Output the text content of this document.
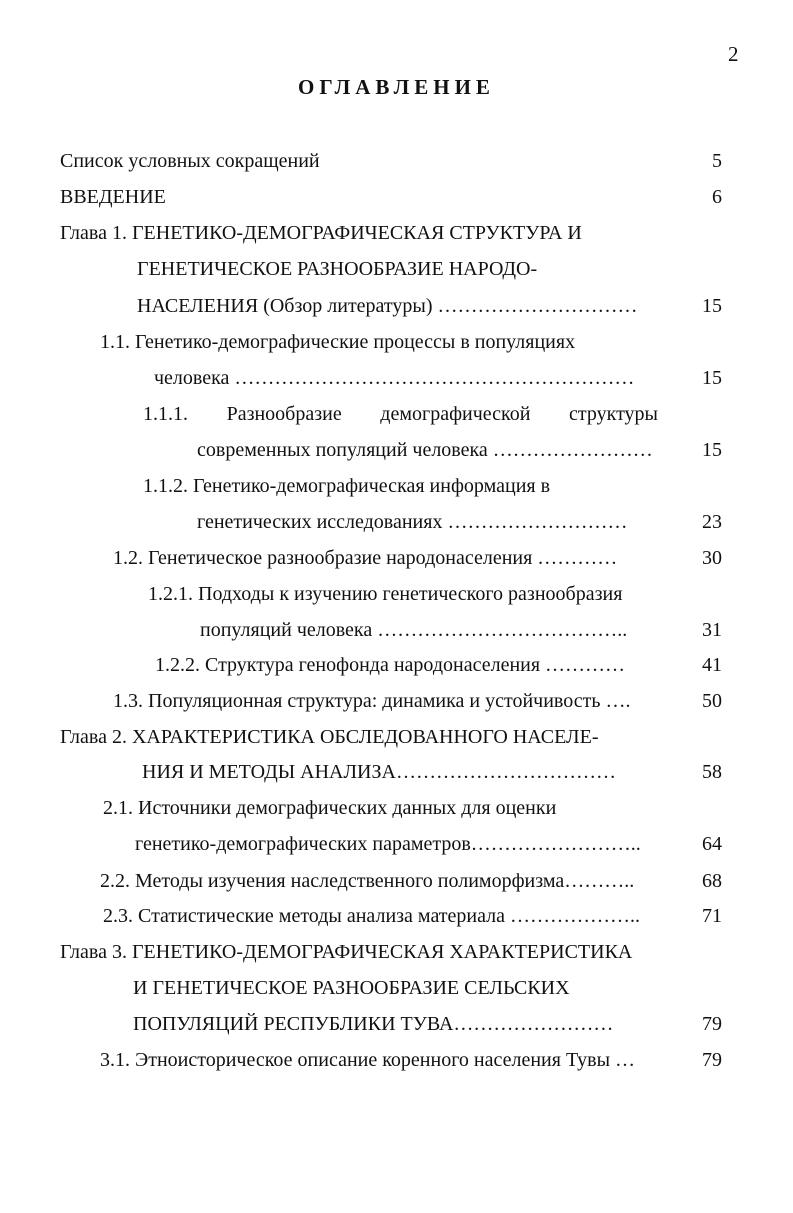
2
ОГЛАВЛЕНИЕ
Список условных сокращений	5
ВВЕДЕНИЕ	6
Глава 1. ГЕНЕТИКО-ДЕМОГРАФИЧЕСКАЯ СТРУКТУРА И
ГЕНЕТИЧЕСКОЕ РАЗНООБРАЗИЕ НАРОДО-
НАСЕЛЕНИЯ (Обзор литературы) …………………………	15
1.1. Генетико-демографические процессы в популяциях
человека ……………………………………………………	15
1.1.1. Разнообразие демографической структуры
современных популяций человека …………………… 15
1.1.2. Генетико-демографическая информация в
генетических исследованиях ………………………	23
1.2. Генетическое разнообразие народонаселения …………	30
1.2.1. Подходы к изучению генетического разнообразия
популяций человека ………………………………..	31
1.2.2. Структура генофонда народонаселения …………	41
1.3. Популяционная структура: динамика и устойчивость ….	50
Глава 2. ХАРАКТЕРИСТИКА ОБСЛЕДОВАННОГО НАСЕЛЕ-
НИЯ И МЕТОДЫ АНАЛИЗА……………………………	58
2.1. Источники демографических данных для оценки
генетико-демографических параметров……………………..	64
2.2. Методы изучения наследственного полиморфизма………..	68
2.3. Статистические методы анализа материала ………………..	71
Глава 3. ГЕНЕТИКО-ДЕМОГРАФИЧЕСКАЯ ХАРАКТЕРИСТИКА
И ГЕНЕТИЧЕСКОЕ РАЗНООБРАЗИЕ СЕЛЬСКИХ
ПОПУЛЯЦИЙ РЕСПУБЛИКИ ТУВА……………………	79
3.1. Этноисторическое описание коренного населения Тувы …	79
